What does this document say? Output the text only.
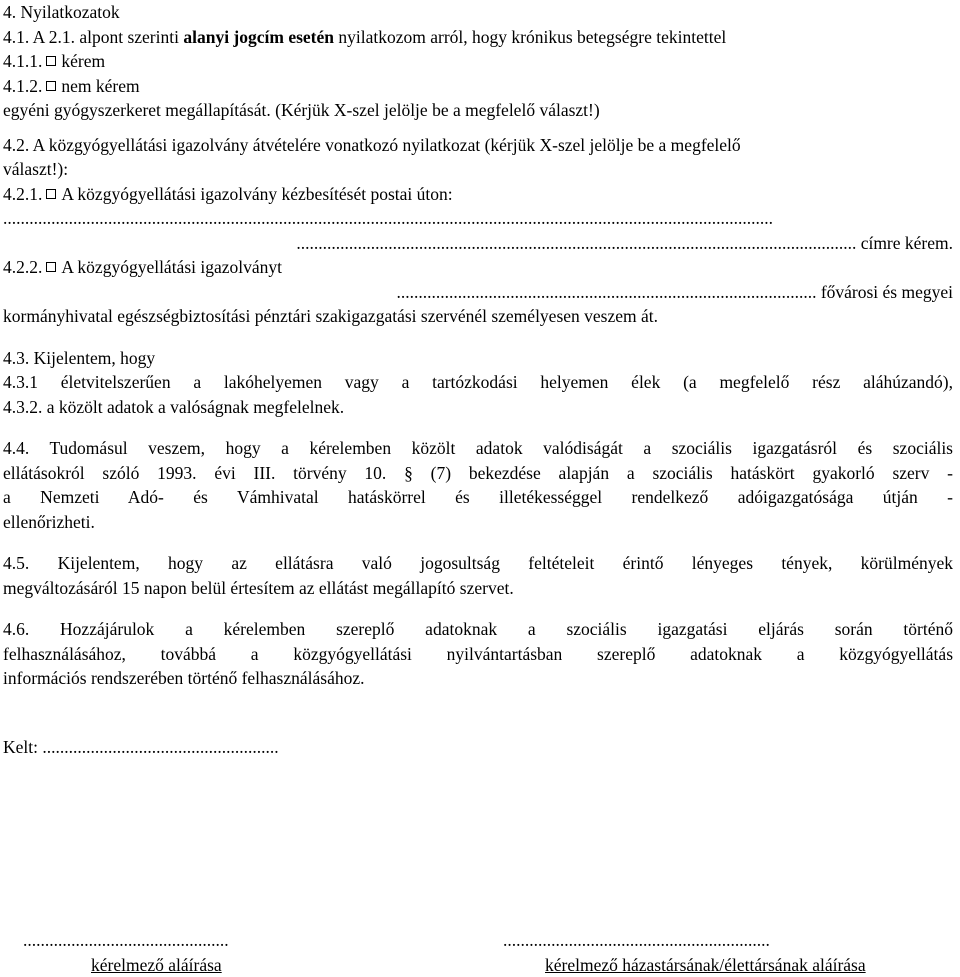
4. Nyilatkozatok

4.1. A 2.1. alpont szerinti alanyi jogcím esetén nyilatkozom arról, hogy krónikus betegségre tekintettel

4.1.1. kérem

4.1.2. nem kérem

egyéni gyógyszerkeret megállapítását. (Kérjük X-szel jelölje be a megfelelő választ!)

4.2. A közgyógyellátási igazolvány átvételére vonatkozó nyilatkozat (kérjük X-szel jelölje be a megfelelő

választ!):

4.2.1. A közgyógyellátási igazolvány kézbesítését postai úton:

................................................................................................................................................................................

................................................................................................................................ címre kérem.

4.2.2. A közgyógyellátási igazolványt

................................................................................................ fővárosi és megyei

kormányhivatal egészségbiztosítási pénztári szakigazgatási szervénél személyesen veszem át.

4.3. Kijelentem, hogy

4.3.1 életvitelszerűen a lakóhelyemen vagy a tartózkodási helyemen élek (a megfelelő rész aláhúzandó),

4.3.2. a közölt adatok a valóságnak megfelelnek.

4.4. Tudomásul veszem, hogy a kérelemben közölt adatok valódiságát a szociális igazgatásról és szociális

ellátásokról szóló 1993. évi III. törvény 10. § (7) bekezdése alapján a szociális hatáskört gyakorló szerv -

a Nemzeti Adó- és Vámhivatal hatáskörrel és illetékességgel rendelkező adóigazgatósága útján -

ellenőrizheti.

4.5. Kijelentem, hogy az ellátásra való jogosultság feltételeit érintő lényeges tények, körülmények

megváltozásáról 15 napon belül értesítem az ellátást megállapító szervet.

4.6. Hozzájárulok a kérelemben szereplő adatoknak a szociális igazgatási eljárás során történő

felhasználásához, továbbá a közgyógyellátási nyilvántartásban szereplő adatoknak a közgyógyellátás

információs rendszerében történő felhasználásához.

Kelt: ......................................................

...............................................
kérelmező aláírása
.............................................................
kérelmező házastársának/élettársának aláírása
